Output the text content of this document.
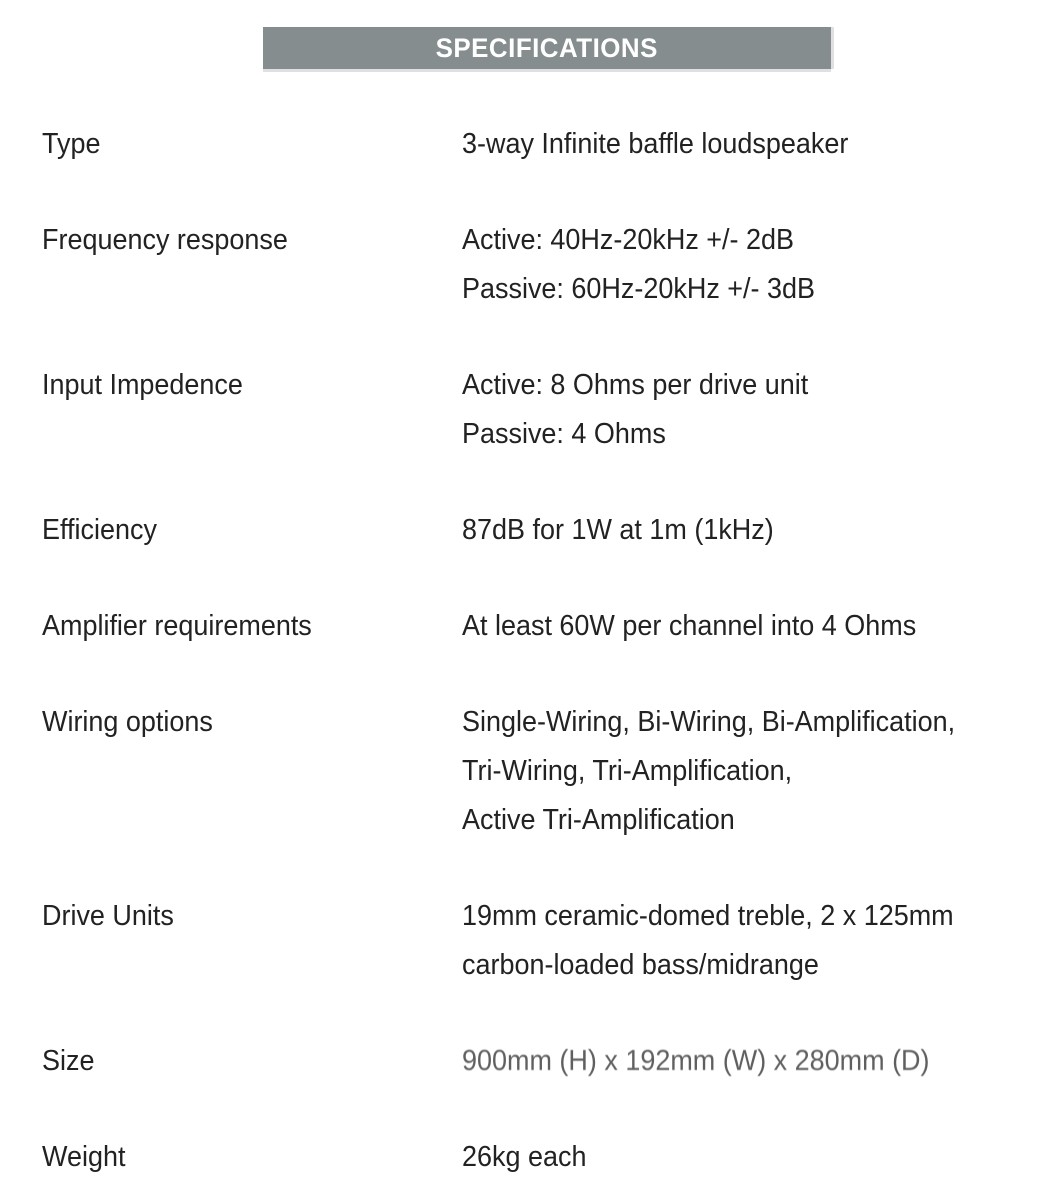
SPECIFICATIONS
Type	3-way Infinite baffle loudspeaker
Frequency response	Active: 40Hz-20kHz +/- 2dB
Passive: 60Hz-20kHz +/- 3dB
Input Impedence	Active: 8 Ohms per drive unit
Passive: 4 Ohms
Efficiency	87dB for 1W at 1m (1kHz)
Amplifier requirements	At least 60W per channel into 4 Ohms
Wiring options	Single-Wiring, Bi-Wiring, Bi-Amplification,
Tri-Wiring, Tri-Amplification,
Active Tri-Amplification
Drive Units	19mm ceramic-domed treble, 2 x 125mm
carbon-loaded bass/midrange
Size	900mm (H) x 192mm (W) x 280mm (D)
Weight	26kg each
